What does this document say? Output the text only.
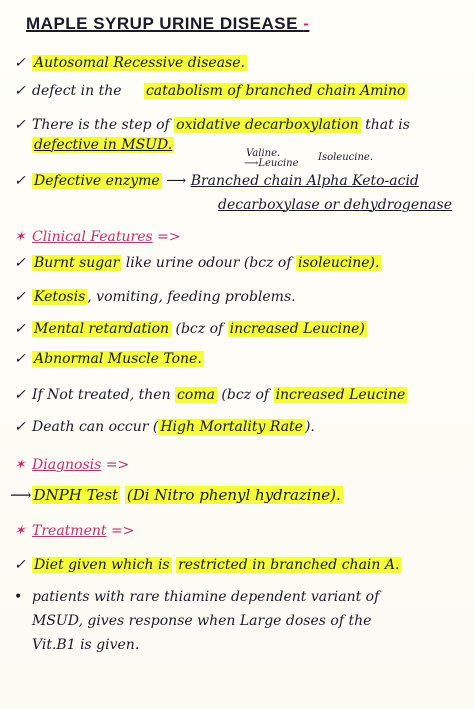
MAPLE SYRUP URINE DISEASE -
✓ Autosomal Recessive disease.
✓ defect in the catabolism of branched chain Amino
✓ There is the step of oxidative decarboxylation that is
defective in MSUD.
Valine.
⟶Leucine
Isoleucine.
✓ Defective enzyme ⟶ Branched chain Alpha Keto-acid
decarboxylase or dehydrogenase
✶ Clinical Features =>
✓ Burnt sugar like urine odour (bcz of isoleucine).
✓ Ketosis , vomiting, feeding problems.
✓ Mental retardation (bcz of increased Leucine)
✓ Abnormal Muscle Tone.
✓ If Not treated, then coma (bcz of increased Leucine
✓ Death can occur ( High Mortality Rate ).
✶ Diagnosis =>
⟶ DNPH Test (Di Nitro phenyl hydrazine).
✶ Treatment =>
✓ Diet given which is restricted in branched chain A.
• patients with rare thiamine dependent variant of
MSUD, gives response when Large doses of the
Vit.B1 is given.
